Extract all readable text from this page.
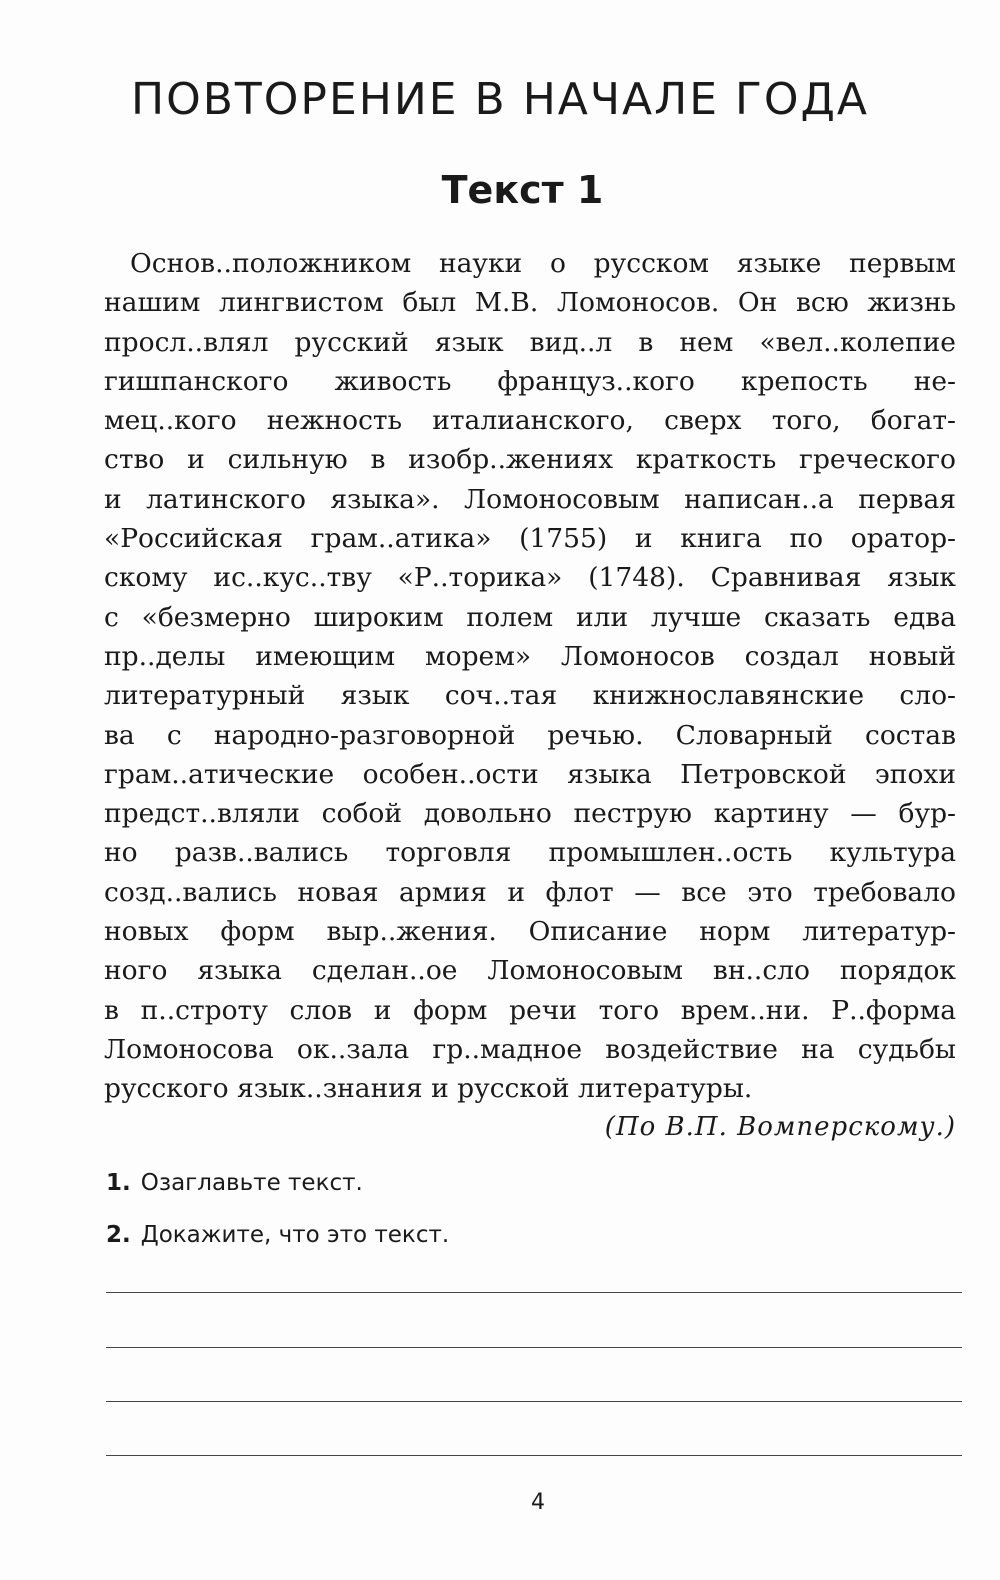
ПОВТОРЕНИЕ В НАЧАЛЕ ГОДА
Текст 1
Основ..положником науки о русском языке первым
нашим лингвистом был М.В. Ломоносов. Он всю жизнь
просл..влял русский язык вид..л в нем «вел..колепие
гишпанского живость француз..кого крепость не-
мец..кого нежность италианского, сверх того, богат-
ство и сильную в изобр..жениях краткость греческого
и латинского языка». Ломоносовым написан..а первая
«Российская грам..атика» (1755) и книга по оратор-
скому ис..кус..тву «Р..торика» (1748). Сравнивая язык
с «безмерно широким полем или лучше сказать едва
пр..делы имеющим морем» Ломоносов создал новый
литературный язык соч..тая книжнославянские сло-
ва с народно-разговорной речью. Словарный состав
грам..атические особен..ости языка Петровской эпохи
предст..вляли собой довольно пеструю картину — бур-
но разв..вались торговля промышлен..ость культура
созд..вались новая армия и флот — все это требовало
новых форм выр..жения. Описание норм литератур-
ного языка сделан..ое Ломоносовым вн..сло порядок
в п..строту слов и форм речи того врем..ни. Р..форма
Ломоносова ок..зала гр..мадное воздействие на судьбы
русского язык..знания и русской литературы.
(По В.П. Вомперскому.)
1. Озаглавьте текст.
2. Докажите, что это текст.
4
